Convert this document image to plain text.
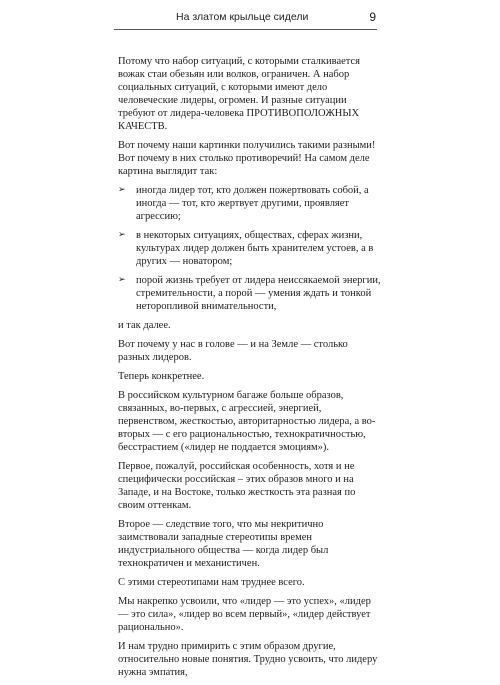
На златом крыльце сидели	9

Потому что набор ситуаций, с которыми сталкивается вожак стаи обезьян или волков, ограничен. А набор социальных ситуаций, с которыми имеют дело человеческие лидеры, огромен. И разные ситуации требуют от лидера-человека ПРОТИВОПОЛОЖНЫХ КАЧЕСТВ.

Вот почему наши картинки получились такими разными! Вот почему в них столько противоречий! На самом деле картина выглядит так:

➢ иногда лидер тот, кто должен пожертвовать собой, а иногда — тот, кто жертвует другими, проявляет агрессию;
➢ в некоторых ситуациях, обществах, сферах жизни, культурах лидер должен быть хранителем устоев, а в других — новатором;
➢ порой жизнь требует от лидера неиссякаемой энергии, стремительности, а порой — умения ждать и тонкой неторопливой внимательности,

и так далее.

Вот почему у нас в голове — и на Земле — столько разных лидеров.

Теперь конкретнее.

В российском культурном багаже больше образов, связанных, во-первых, с агрессией, энергией, первенством, жесткостью, авторитарностью лидера, а во-вторых — с его рациональностью, технократичностью, бесстрастием («лидер не поддается эмоциям»).

Первое, пожалуй, российская особенность, хотя и не специфически российская – этих образов много и на Западе, и на Востоке, только жесткость эта разная по своим оттенкам.

Второе — следствие того, что мы некритично заимствовали западные стереотипы времен индустриального общества — когда лидер был технократичен и механистичен.

С этими стереотипами нам труднее всего.

Мы накрепко усвоили, что «лидер — это успех», «лидер — это сила», «лидер во всем первый», «лидер действует рационально».

И нам трудно примирить с этим образом другие, относительно новые понятия. Трудно усвоить, что лидеру нужна эмпатия,
